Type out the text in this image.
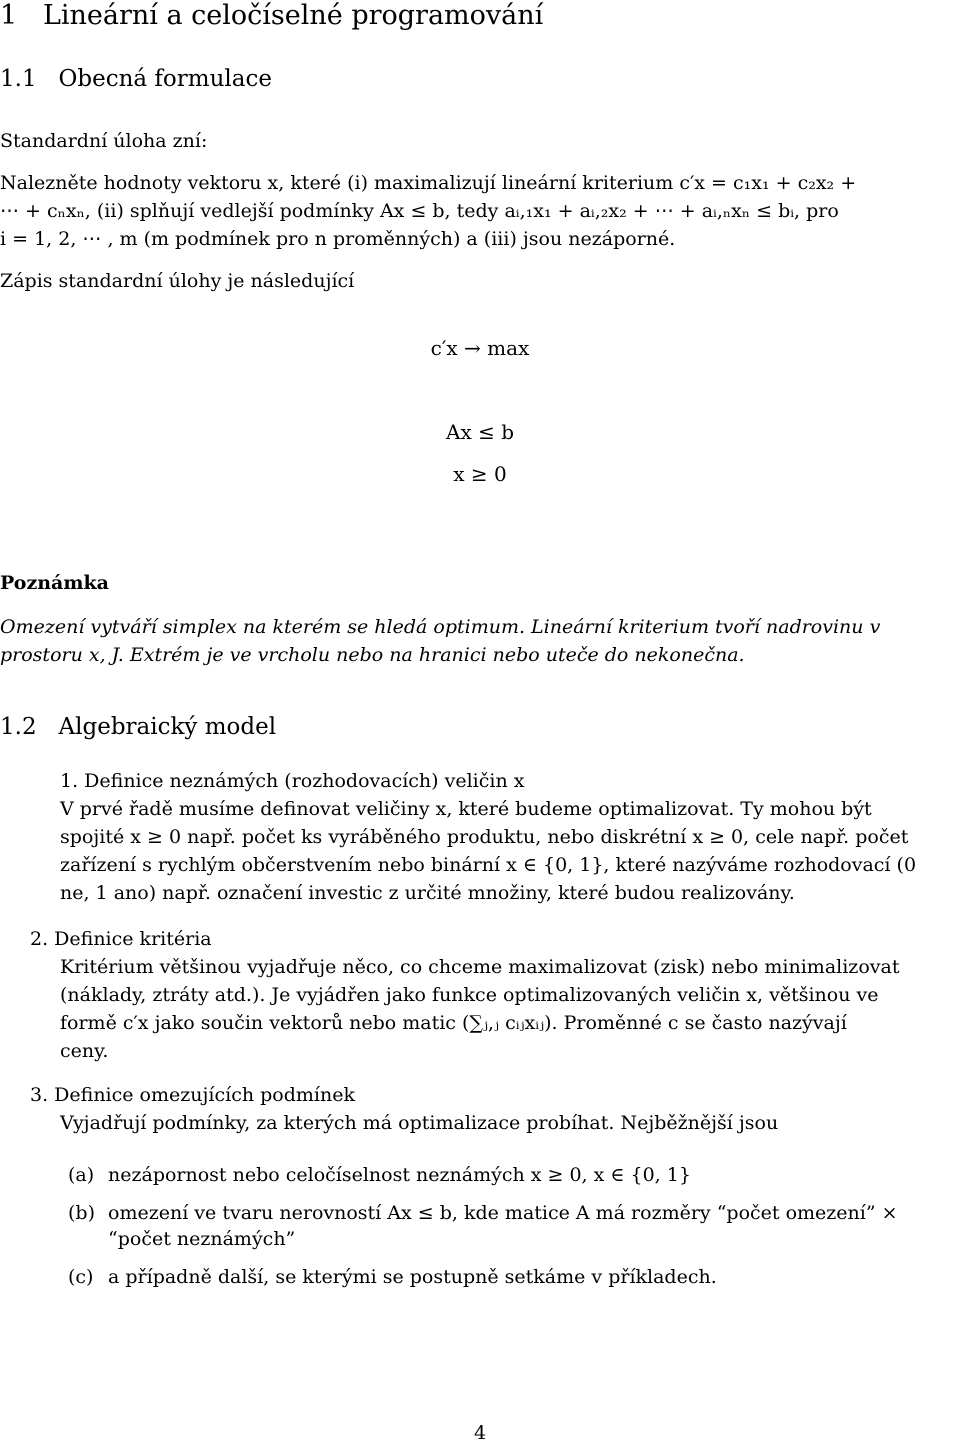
1 Lineární a celočíselné programování
1.1 Obecná formulace
Standardní úloha zní:
Nalezněte hodnoty vektoru x, které (i) maximalizují lineární kriterium c′x = c₁x₁ + c₂x₂ +
⋯ + cₙxₙ, (ii) splňují vedlejší podmínky Ax ≤ b, tedy aᵢ,₁x₁ + aᵢ,₂x₂ + ⋯ + aᵢ,ₙxₙ ≤ bᵢ, pro
i = 1, 2, ⋯ , m (m podmínek pro n proměnných) a (iii) jsou nezáporné.
Zápis standardní úlohy je následující
c′x → max
Ax ≤ b
x ≥ 0
Poznámka
Omezení vytváří simplex na kterém se hledá optimum. Lineární kriterium tvoří nadrovinu v
prostoru x, J. Extrém je ve vrcholu nebo na hranici nebo uteče do nekonečna.
1.2 Algebraický model
1. Definice neznámých (rozhodovacích) veličin x
V prvé řadě musíme definovat veličiny x, které budeme optimalizovat. Ty mohou být
spojité x ≥ 0 např. počet ks vyráběného produktu, nebo diskrétní x ≥ 0, cele např. počet
zařízení s rychlým občerstvením nebo binární x ∈ {0, 1}, které nazýváme rozhodovací (0
ne, 1 ano) např. označení investic z určité množiny, které budou realizovány.
2. Definice kritéria
Kritérium většinou vyjadřuje něco, co chceme maximalizovat (zisk) nebo minimalizovat
(náklady, ztráty atd.). Je vyjádřen jako funkce optimalizovaných veličin x, většinou ve
formě c′x jako součin vektorů nebo matic (∑ⱼ,ⱼ cᵢⱼxᵢⱼ). Proměnné c se často nazývají
ceny.
3. Definice omezujících podmínek
Vyjadřují podmínky, za kterých má optimalizace probíhat. Nejběžnější jsou
(a) nezápornost nebo celočíselnost neznámých x ≥ 0, x ∈ {0, 1}
(b) omezení ve tvaru nerovností Ax ≤ b, kde matice A má rozměry “počet omezení” ×
“počet neznámých”
(c) a případně další, se kterými se postupně setkáme v příkladech.
4
